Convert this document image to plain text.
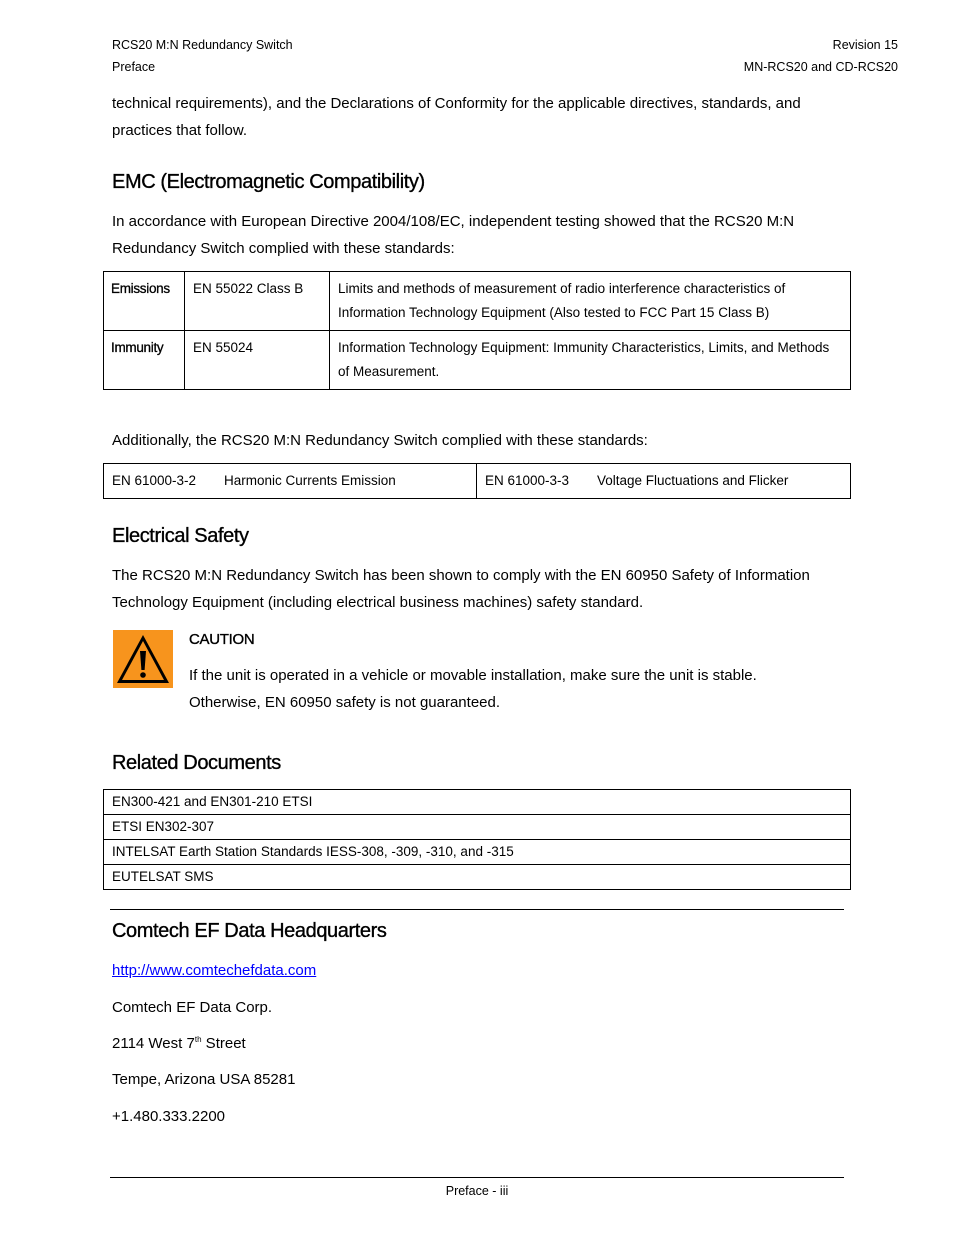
RCS20 M:N Redundancy Switch
Preface
Revision 15
MN-RCS20 and CD-RCS20
technical requirements), and the Declarations of Conformity for the applicable directives, standards, and practices that follow.
EMC (Electromagnetic Compatibility)
In accordance with European Directive 2004/108/EC, independent testing showed that the RCS20 M:N Redundancy Switch complied with these standards:
Emissions	EN 55022 Class B	Limits and methods of measurement of radio interference characteristics of Information Technology Equipment (Also tested to FCC Part 15 Class B)
Immunity	EN 55024	Information Technology Equipment: Immunity Characteristics, Limits, and Methods of Measurement.
Additionally, the RCS20 M:N Redundancy Switch complied with these standards:
EN 61000-3-2 Harmonic Currents Emission	EN 61000-3-3 Voltage Fluctuations and Flicker
Electrical Safety
The RCS20 M:N Redundancy Switch has been shown to comply with the EN 60950 Safety of Information Technology Equipment (including electrical business machines) safety standard.
CAUTION
If the unit is operated in a vehicle or movable installation, make sure the unit is stable. Otherwise, EN 60950 safety is not guaranteed.
Related Documents
EN300-421 and EN301-210 ETSI
ETSI EN302-307
INTELSAT Earth Station Standards IESS-308, -309, -310, and -315
EUTELSAT SMS
Comtech EF Data Headquarters
http://www.comtechefdata.com
Comtech EF Data Corp.
2114 West 7th Street
Tempe, Arizona USA 85281
+1.480.333.2200
Preface - iii
